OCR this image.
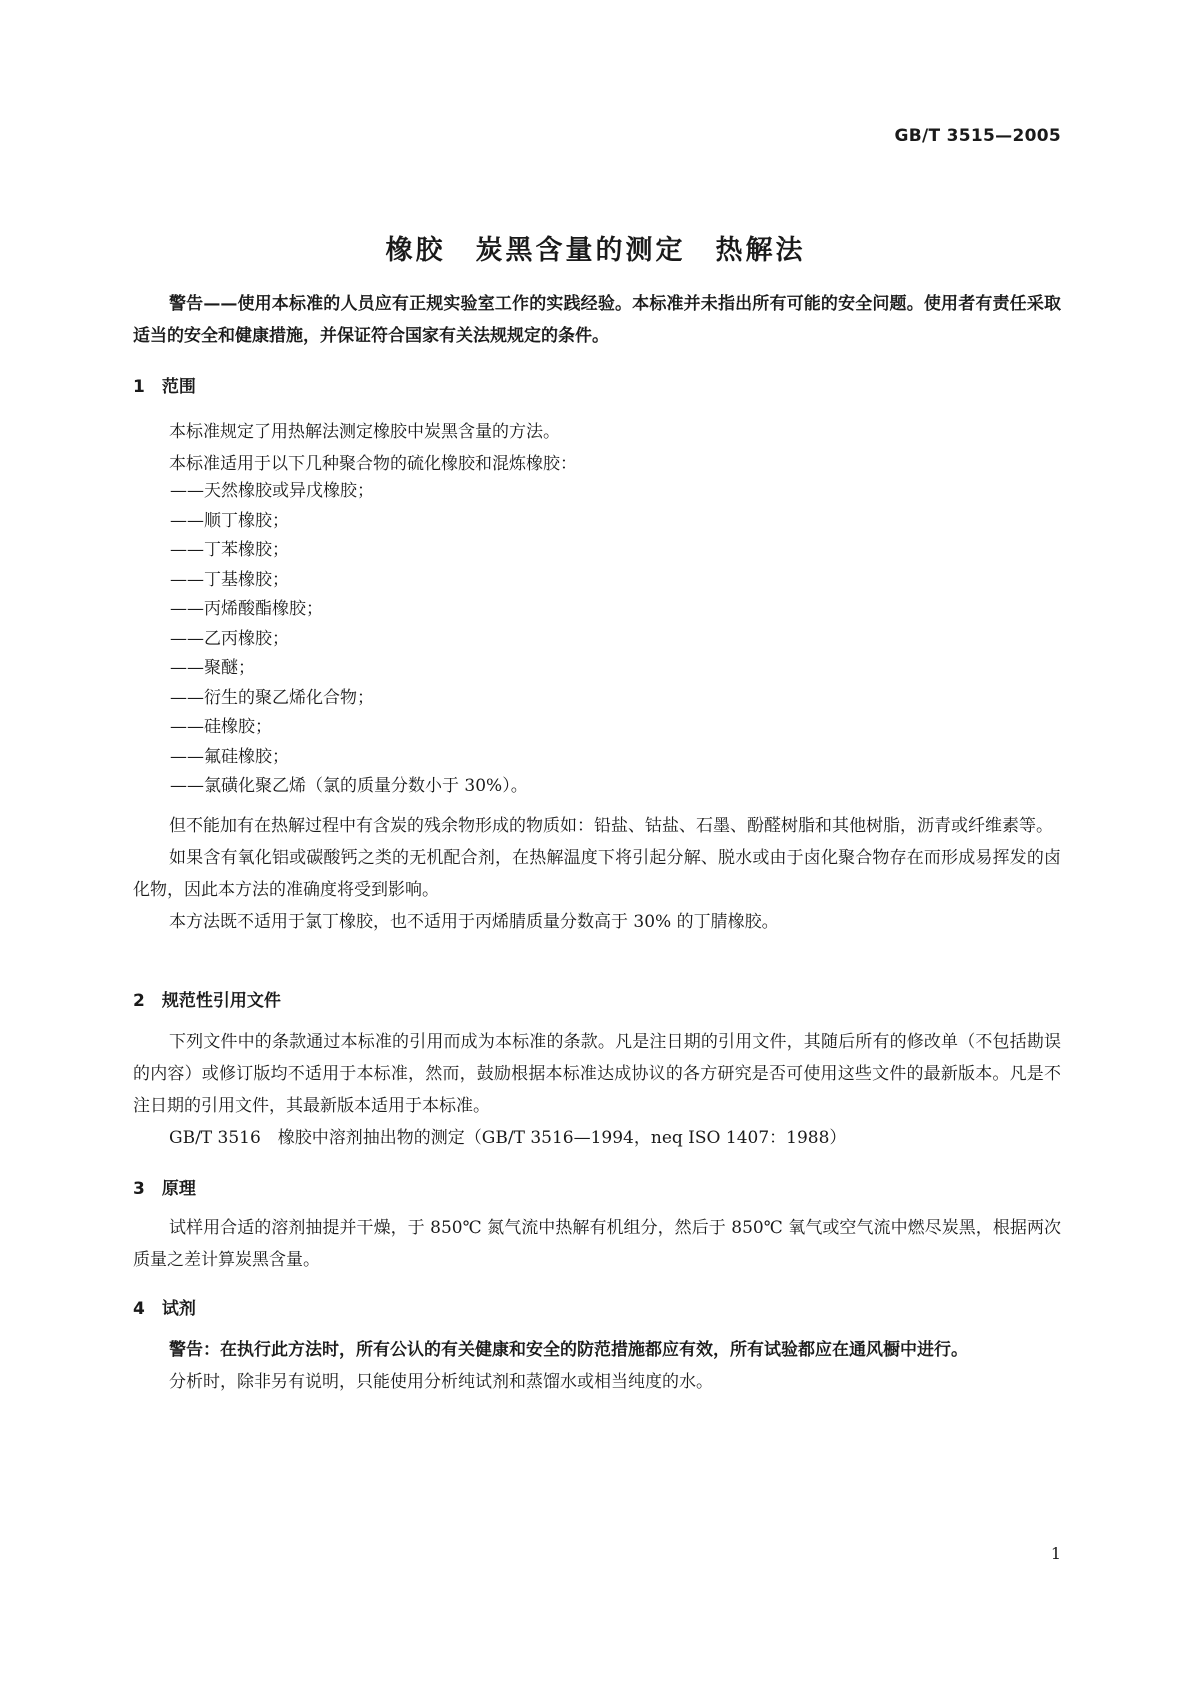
GB/T 3515—2005
橡胶　炭黑含量的测定　热解法

警告——使用本标准的人员应有正规实验室工作的实践经验。本标准并未指出所有可能的安全问题。使用者有责任采取适当的安全和健康措施，并保证符合国家有关法规规定的条件。

1　范围

本标准规定了用热解法测定橡胶中炭黑含量的方法。

本标准适用于以下几种聚合物的硫化橡胶和混炼橡胶：

——天然橡胶或异戊橡胶；
——顺丁橡胶；
——丁苯橡胶；
——丁基橡胶；
——丙烯酸酯橡胶；
——乙丙橡胶；
——聚醚；
——衍生的聚乙烯化合物；
——硅橡胶；
——氟硅橡胶；
——氯磺化聚乙烯（氯的质量分数小于 30%）。

但不能加有在热解过程中有含炭的残余物形成的物质如：铅盐、钴盐、石墨、酚醛树脂和其他树脂，沥青或纤维素等。

如果含有氧化铝或碳酸钙之类的无机配合剂，在热解温度下将引起分解、脱水或由于卤化聚合物存在而形成易挥发的卤化物，因此本方法的准确度将受到影响。

本方法既不适用于氯丁橡胶，也不适用于丙烯腈质量分数高于 30% 的丁腈橡胶。

2　规范性引用文件

下列文件中的条款通过本标准的引用而成为本标准的条款。凡是注日期的引用文件，其随后所有的修改单（不包括勘误的内容）或修订版均不适用于本标准，然而，鼓励根据本标准达成协议的各方研究是否可使用这些文件的最新版本。凡是不注日期的引用文件，其最新版本适用于本标准。

GB/T 3516　橡胶中溶剂抽出物的测定（GB/T 3516—1994，neq ISO 1407：1988）

3　原理

试样用合适的溶剂抽提并干燥，于 850℃ 氮气流中热解有机组分，然后于 850℃ 氧气或空气流中燃尽炭黑，根据两次质量之差计算炭黑含量。

4　试剂

警告：在执行此方法时，所有公认的有关健康和安全的防范措施都应有效，所有试验都应在通风橱中进行。

分析时，除非另有说明，只能使用分析纯试剂和蒸馏水或相当纯度的水。

1
